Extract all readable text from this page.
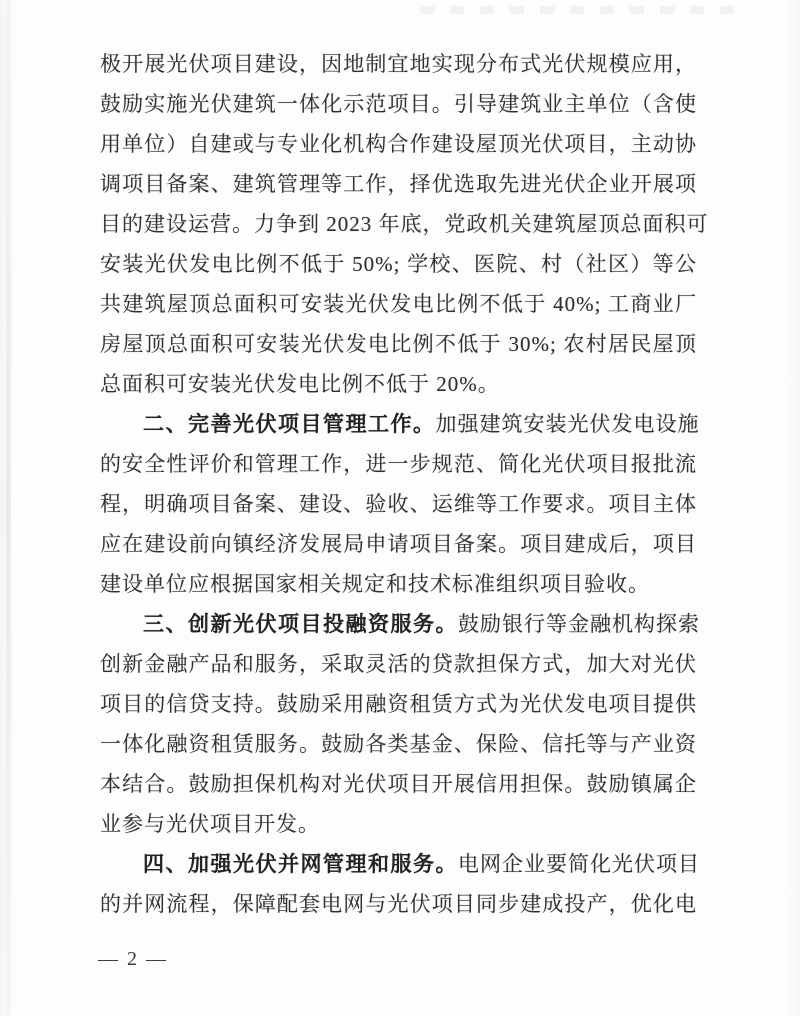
极开展光伏项目建设，因地制宜地实现分布式光伏规模应用，
鼓励实施光伏建筑一体化示范项目。引导建筑业主单位（含使
用单位）自建或与专业化机构合作建设屋顶光伏项目，主动协
调项目备案、建筑管理等工作，择优选取先进光伏企业开展项
目的建设运营。力争到 2023 年底，党政机关建筑屋顶总面积可
安装光伏发电比例不低于 50%; 学校、医院、村（社区）等公
共建筑屋顶总面积可安装光伏发电比例不低于 40%; 工商业厂
房屋顶总面积可安装光伏发电比例不低于 30%; 农村居民屋顶
总面积可安装光伏发电比例不低于 20%。
二、完善光伏项目管理工作。加强建筑安装光伏发电设施
的安全性评价和管理工作，进一步规范、简化光伏项目报批流
程，明确项目备案、建设、验收、运维等工作要求。项目主体
应在建设前向镇经济发展局申请项目备案。项目建成后，项目
建设单位应根据国家相关规定和技术标准组织项目验收。
三、创新光伏项目投融资服务。鼓励银行等金融机构探索
创新金融产品和服务，采取灵活的贷款担保方式，加大对光伏
项目的信贷支持。鼓励采用融资租赁方式为光伏发电项目提供
一体化融资租赁服务。鼓励各类基金、保险、信托等与产业资
本结合。鼓励担保机构对光伏项目开展信用担保。鼓励镇属企
业参与光伏项目开发。
四、加强光伏并网管理和服务。电网企业要简化光伏项目
的并网流程，保障配套电网与光伏项目同步建成投产，优化电
— 2 —
